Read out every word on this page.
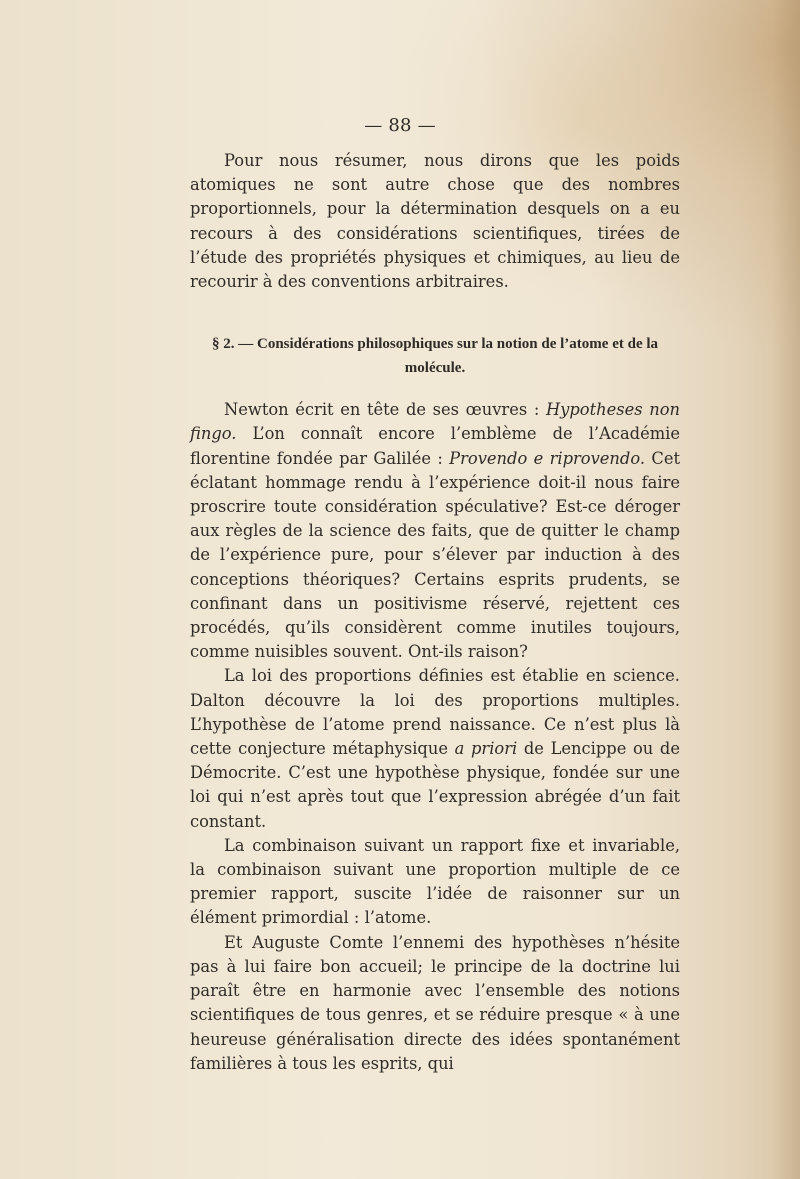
— 88 —

Pour nous résumer, nous dirons que les poids atomiques ne sont autre chose que des nombres proportionnels, pour la détermination desquels on a eu recours à des considérations scientifiques, tirées de l’étude des propriétés physiques et chimiques, au lieu de recourir à des conventions arbitraires.

§ 2. — Considérations philosophiques sur la notion de l’atome et de la molécule.

Newton écrit en tête de ses œuvres : Hypotheses non fingo. L’on connaît encore l’emblème de l’Académie florentine fondée par Galilée : Provendo e riprovendo. Cet éclatant hommage rendu à l’expérience doit-il nous faire proscrire toute considération spéculative? Est-ce déroger aux règles de la science des faits, que de quitter le champ de l’expérience pure, pour s’élever par induction à des conceptions théoriques? Certains esprits prudents, se confinant dans un positivisme réservé, rejettent ces procédés, qu’ils considèrent comme inutiles toujours, comme nuisibles souvent. Ont-ils raison?

La loi des proportions définies est établie en science. Dalton découvre la loi des proportions multiples. L’hypothèse de l’atome prend naissance. Ce n’est plus là cette conjecture métaphysique a priori de Lencippe ou de Démocrite. C’est une hypothèse physique, fondée sur une loi qui n’est après tout que l’expression abrégée d’un fait constant.

La combinaison suivant un rapport fixe et invariable, la combinaison suivant une proportion multiple de ce premier rapport, suscite l’idée de raisonner sur un élément primordial : l’atome.

Et Auguste Comte l’ennemi des hypothèses n’hésite pas à lui faire bon accueil; le principe de la doctrine lui paraît être en harmonie avec l’ensemble des notions scientifiques de tous genres, et se réduire presque « à une heureuse généralisation directe des idées spontanément familières à tous les esprits, qui
